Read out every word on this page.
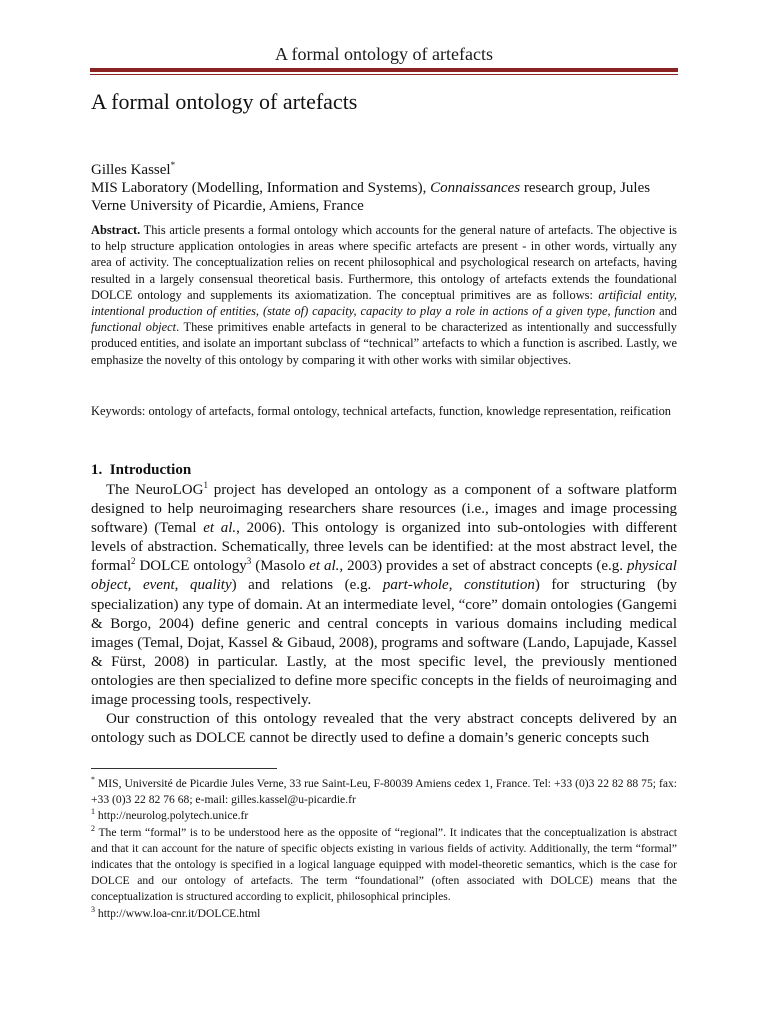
A formal ontology of artefacts
A formal ontology of artefacts
Gilles Kassel*
MIS Laboratory (Modelling, Information and Systems), Connaissances research group, Jules Verne University of Picardie, Amiens, France

Abstract. This article presents a formal ontology which accounts for the general nature of artefacts. The objective is to help structure application ontologies in areas where specific artefacts are present - in other words, virtually any area of activity. The conceptualization relies on recent philosophical and psychological research on artefacts, having resulted in a largely consensual theoretical basis. Furthermore, this ontology of artefacts extends the foundational DOLCE ontology and supplements its axiomatization. The conceptual primitives are as follows: artificial entity, intentional production of entities, (state of) capacity, capacity to play a role in actions of a given type, function and functional object. These primitives enable artefacts in general to be characterized as intentionally and successfully produced entities, and isolate an important subclass of “technical” artefacts to which a function is ascribed. Lastly, we emphasize the novelty of this ontology by comparing it with other works with similar objectives.

Keywords: ontology of artefacts, formal ontology, technical artefacts, function, knowledge representation, reification

1. Introduction

The NeuroLOG$^1$ project has developed an ontology as a component of a software platform designed to help neuroimaging researchers share resources (i.e., images and image processing software) (Temal et al., 2006). This ontology is organized into sub-ontologies with different levels of abstraction. Schematically, three levels can be identified: at the most abstract level, the formal$^2$ DOLCE ontology$^3$ (Masolo et al., 2003) provides a set of abstract concepts (e.g. physical object, event, quality) and relations (e.g. part-whole, constitution) for structuring (by specialization) any type of domain. At an intermediate level, “core” domain ontologies (Gangemi & Borgo, 2004) define generic and central concepts in various domains including medical images (Temal, Dojat, Kassel & Gibaud, 2008), programs and software (Lando, Lapujade, Kassel & Fürst, 2008) in particular. Lastly, at the most specific level, the previously mentioned ontologies are then specialized to define more specific concepts in the fields of neuroimaging and image processing tools, respectively.

Our construction of this ontology revealed that the very abstract concepts delivered by an ontology such as DOLCE cannot be directly used to define a domain’s generic concepts such

* MIS, Université de Picardie Jules Verne, 33 rue Saint-Leu, F-80039 Amiens cedex 1, France. Tel: +33 (0)3 22 82 88 75; fax: +33 (0)3 22 82 76 68; e-mail: gilles.kassel@u-picardie.fr

$^1$ http://neurolog.polytech.unice.fr

$^2$ The term “formal” is to be understood here as the opposite of “regional”. It indicates that the conceptualization is abstract and that it can account for the nature of specific objects existing in various fields of activity. Additionally, the term “formal” indicates that the ontology is specified in a logical language equipped with model-theoretic semantics, which is the case for DOLCE and our ontology of artefacts. The term “foundational” (often associated with DOLCE) means that the conceptualization is structured according to explicit, philosophical principles.

$^3$ http://www.loa-cnr.it/DOLCE.html
